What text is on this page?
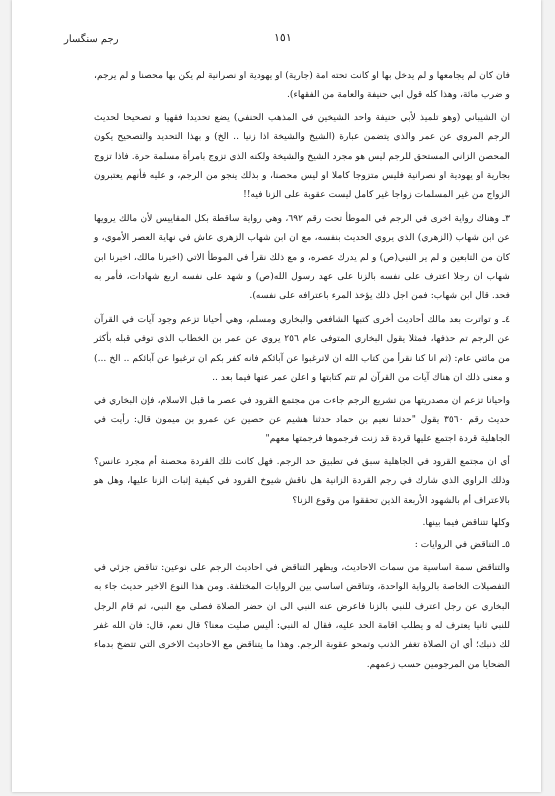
رجم سنگسار	١٥١

فان كان لم يجامعها و لم يدخل بها او كانت تحته امة (جارية) او يهودية او نصرانية لم يكن بها محصنا و لم يرجم، و ضرب مائة، وهذا كله قول ابي حنيفة والعامة من الفقهاء).

ان الشيباني (وهو تلميذ لأبي حنيفة واحد الشيخين في المذهب الحنفي) يضع تحديدا فقهيا و تصحيحا لحديث الرجم المروي عن عمر والذي يتضمن عبارة (الشيخ والشيخة اذا زنيا .. الخ) و بهذا التحديد والتصحيح يكون المحصن الزاني المستحق للرجم ليس هو مجرد الشيخ والشيخة ولكنه الذي تزوج بامرأة مسلمة حرة. فاذا تزوج بجارية او يهودية او نصرانية فليس متزوجا كاملا او ليس محصنا، و بذلك ينجو من الرجم، و عليه فأنهم يعتبرون الزواج من غير المسلمات زواجا غير كامل ليست عقوبة على الزنا فيه!!

٣ـ وهناك رواية اخرى في الرجم في الموطأ تحت رقم ٦٩٢، وهي رواية ساقطة بكل المقاييس لأن مالك يرويها عن ابن شهاب (الزهري) الذي يروي الحديث بنفسه، مع ان ابن شهاب الزهري عاش في نهاية العصر الأموي، و كان من التابعين و لم ير النبي(ص) و لم يدرك عصره، و مع ذلك نقرأ في الموطأ الاتي (اخبرنا مالك، اخبرنا ابن شهاب ان رجلا اعترف على نفسه بالزنا على عهد رسول الله(ص) و شهد على نفسه اربع شهادات، فأمر به فحد. قال ابن شهاب: فمن اجل ذلك يؤخذ المرء باعترافه على نفسه).

٤ـ و تواترت بعد مالك أحاديث أخرى كتبها الشافعي والبخاري ومسلم، وهي أحيانا تزعم وجود آيات في القرآن عن الرجم تم حذفها، فمثلا يقول البخاري المتوفى عام ٢٥٦ يروي عن عمر بن الخطاب الذي توفي قبله بأكثر من مائتي عام: (ثم انا كنا نقرأ من كتاب الله ان لاترغبوا عن آبائكم فانه كفر بكم ان ترغبوا عن آبائكم .. الخ ...) و معنى ذلك ان هناك آيات من القرآن لم تتم كتابتها و اعلن عمر عنها فيما بعد ..

واحيانا تزعم ان مصدريتها من تشريع الرجم جاءت من مجتمع القرود في عصر ما قبل الاسلام، فإن البخاري في حديث رقم ٣٥٦٠ يقول "حدثنا نعيم بن حماد حدثنا هشيم عن حصين عن عمرو بن ميمون قال: رأيت في الجاهلية قردة اجتمع عليها قردة قد زنت فرجموها فرجمتها معهم"

أي ان مجتمع القرود في الجاهلية سبق في تطبيق حد الرجم. فهل كانت تلك القردة محصنة أم مجرد عانس؟ وذلك الراوي الذي شارك في رجم القردة الزانية هل ناقش شيوخ القرود في كيفية إثبات الزنا عليها، وهل هو بالاعتراف أم بالشهود الأربعة الذين تحققوا من وقوع الزنا؟

وكلها تتناقض فيما بينها.

٥ـ التناقض في الروايات :

والتناقض سمة اساسية من سمات الاحاديث، ويظهر التناقض في احاديث الرجم على نوعين: تناقض جزئي في التفصيلات الخاصة بالرواية الواحدة، وتناقض اساسي بين الروايات المختلفة. ومن هذا النوع الاخير حديث جاء به البخاري عن رجل اعترف للنبي بالزنا فاعرض عنه النبي الى ان حضر الصلاة فصلى مع النبي، ثم قام الرجل للنبي ثانيا يعترف له و يطلب اقامة الحد عليه، فقال له النبي: أليس صليت معنا؟ قال نعم، قال: فان الله غفر لك ذنبك؛ أي ان الصلاة تغفر الذنب وتمحو عقوبة الرجم. وهذا ما يتناقض مع الاحاديث الاخرى التي تتضخ بدماء الضحايا من المرجومين حسب زعمهم.
